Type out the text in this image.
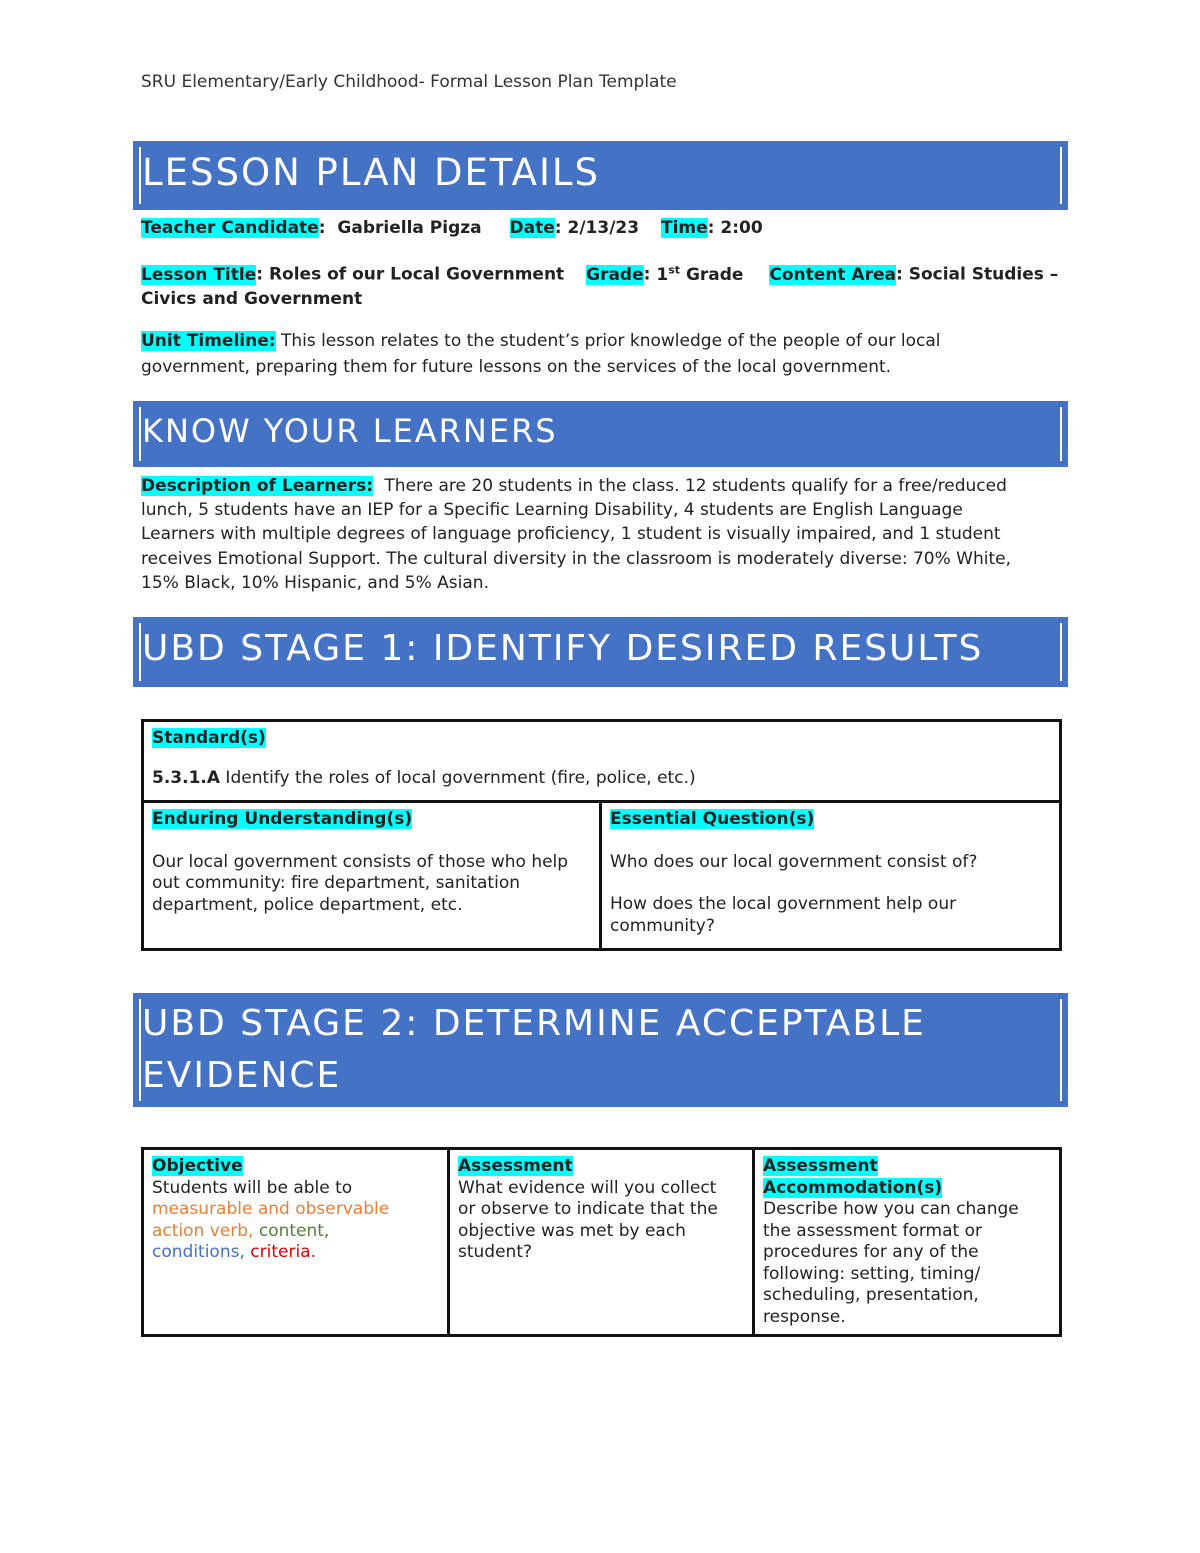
SRU Elementary/Early Childhood- Formal Lesson Plan Template
LESSON PLAN DETAILS
Teacher Candidate: Gabriella Pigza Date: 2/13/23 Time: 2:00
Lesson Title: Roles of our Local Government Grade: 1st Grade Content Area: Social Studies –
Civics and Government
Unit Timeline: This lesson relates to the student’s prior knowledge of the people of our local
government, preparing them for future lessons on the services of the local government.
KNOW YOUR LEARNERS
Description of Learners: There are 20 students in the class. 12 students qualify for a free/reduced
lunch, 5 students have an IEP for a Specific Learning Disability, 4 students are English Language
Learners with multiple degrees of language proficiency, 1 student is visually impaired, and 1 student
receives Emotional Support. The cultural diversity in the classroom is moderately diverse: 70% White,
15% Black, 10% Hispanic, and 5% Asian.
UBD STAGE 1: IDENTIFY DESIRED RESULTS
Standard(s)
5.3.1.A Identify the roles of local government (fire, police, etc.)

Enduring Understanding(s)
Our local government consists of those who help
out community: fire department, sanitation
department, police department, etc.

Essential Question(s)
Who does our local government consist of?
How does the local government help our
community?
UBD STAGE 2: DETERMINE ACCEPTABLE
EVIDENCE
Objective
Students will be able to
measurable and observable
action verb, content,
conditions, criteria.

Assessment
What evidence will you collect
or observe to indicate that the
objective was met by each
student?

Assessment Accommodation(s)
Describe how you can change
the assessment format or
procedures for any of the
following: setting, timing/
scheduling, presentation,
response.
